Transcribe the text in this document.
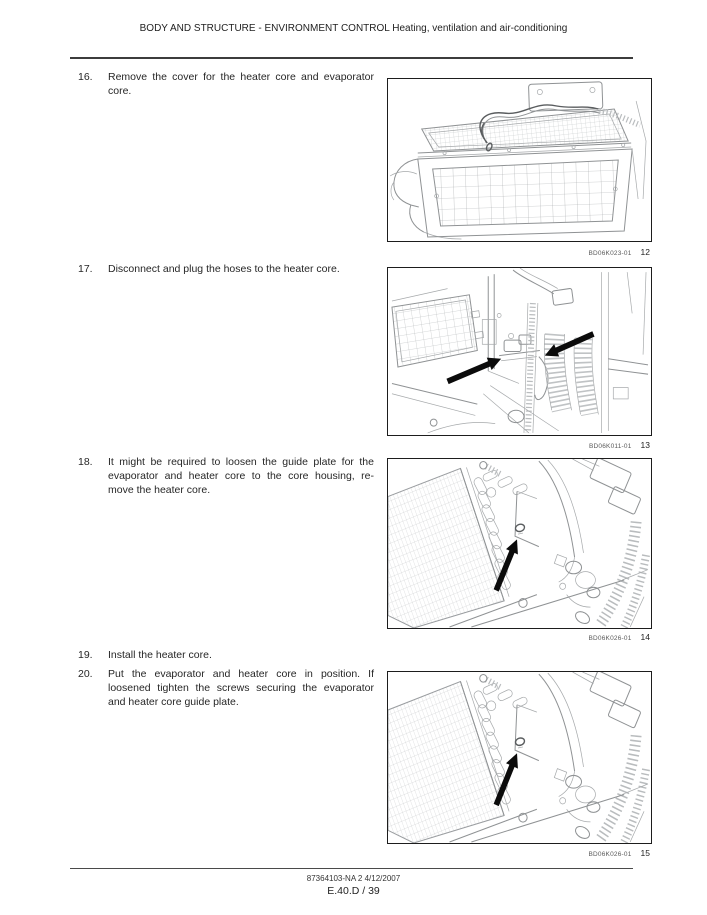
BODY AND STRUCTURE - ENVIRONMENT CONTROL Heating, ventilation and air-conditioning
16.	Remove the cover for the heater core and evaporator
core.
17.	Disconnect and plug the hoses to the heater core.
18.	It might be required to loosen the guide plate for the
evaporator and heater core to the core housing, re-
move the heater core.
19.	Install the heater core.
20.	Put the evaporator and heater core in position. If
loosened tighten the screws securing the evaporator
and heater core guide plate.
BD06K023-01 12
BD06K011-01 13
BD06K026-01 14
BD06K026-01 15
87364103-NA 2 4/12/2007
E.40.D / 39
